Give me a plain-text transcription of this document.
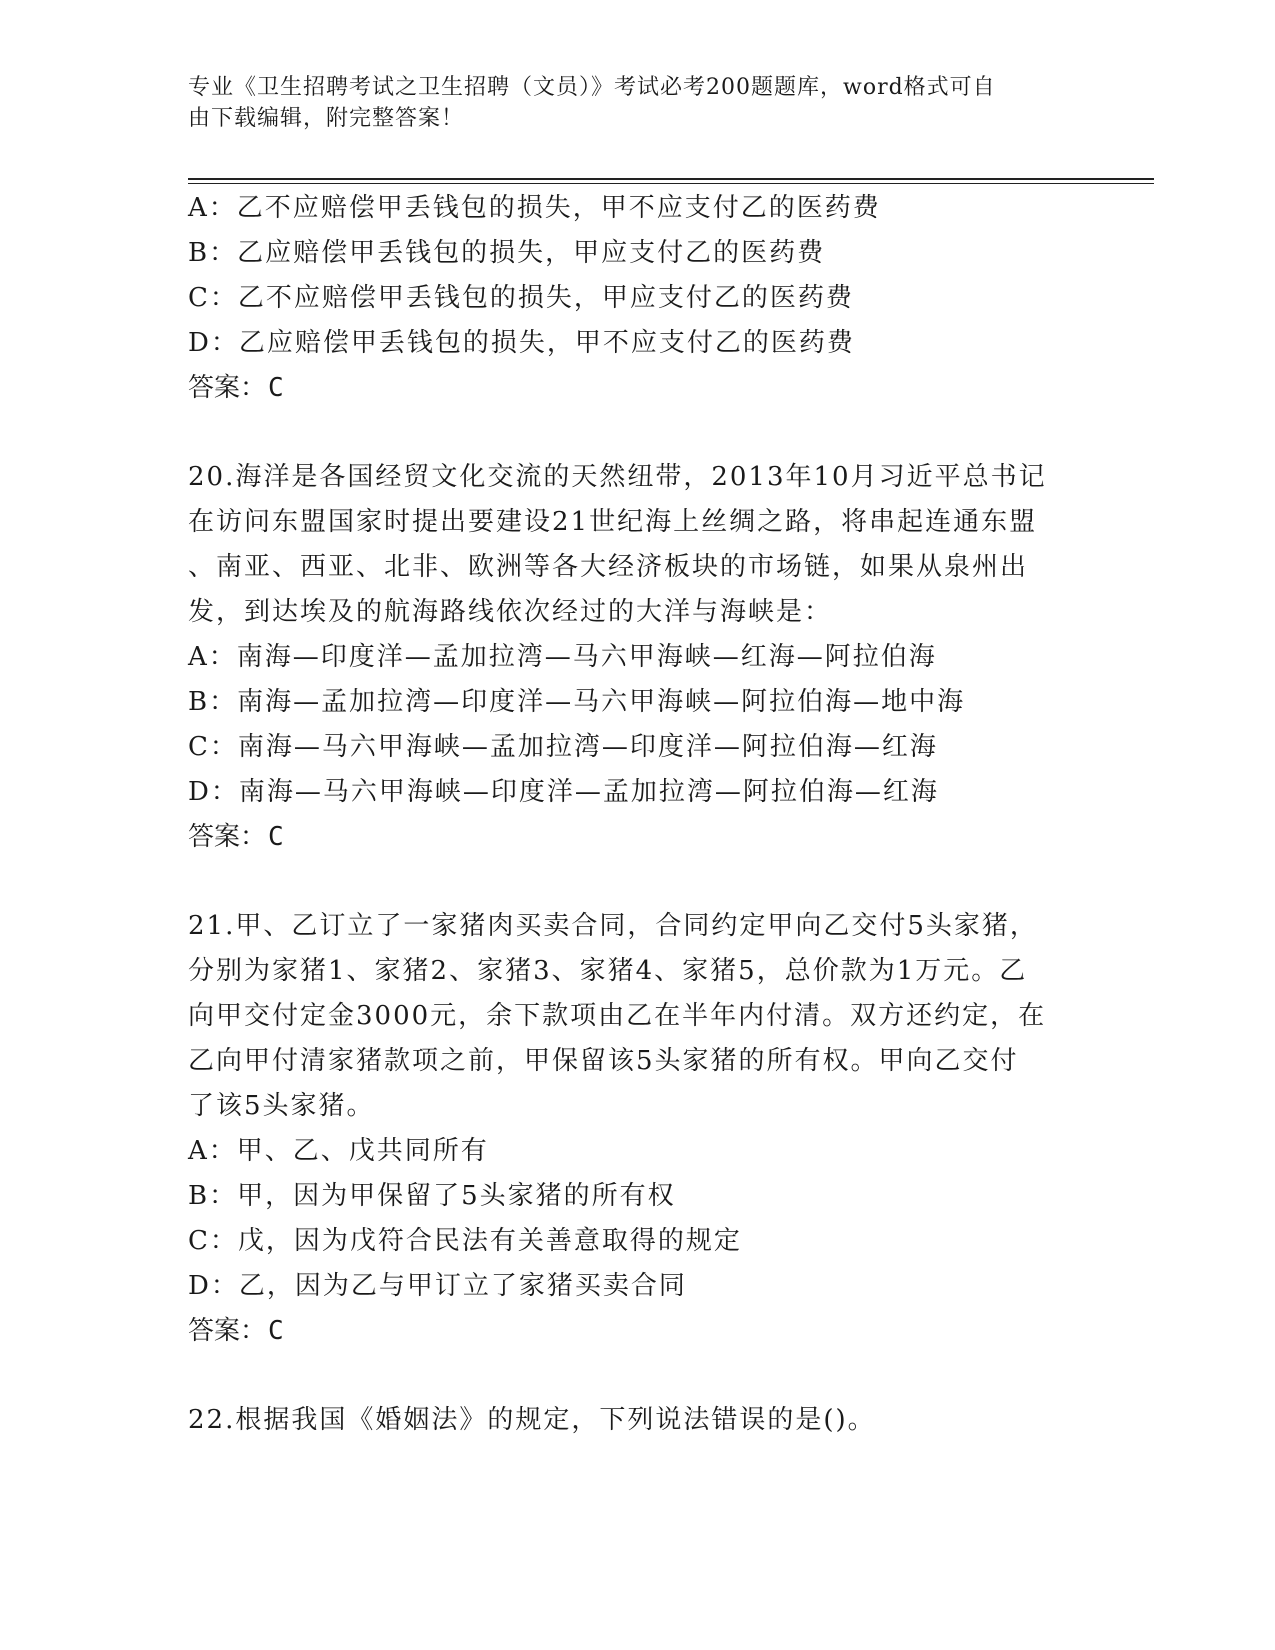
专业《卫生招聘考试之卫生招聘（文员）》考试必考200题题库，word格式可自
由下载编辑，附完整答案！

A：乙不应赔偿甲丢钱包的损失，甲不应支付乙的医药费

B：乙应赔偿甲丢钱包的损失，甲应支付乙的医药费

C：乙不应赔偿甲丢钱包的损失，甲应支付乙的医药费

D：乙应赔偿甲丢钱包的损失，甲不应支付乙的医药费

答案：C

20.海洋是各国经贸文化交流的天然纽带，2013年10月习近平总书记

在访问东盟国家时提出要建设21世纪海上丝绸之路，将串起连通东盟

、南亚、西亚、北非、欧洲等各大经济板块的市场链，如果从泉州出

发，到达埃及的航海路线依次经过的大洋与海峡是：

A：南海—印度洋—孟加拉湾—马六甲海峡—红海—阿拉伯海

B：南海—孟加拉湾—印度洋—马六甲海峡—阿拉伯海—地中海

C：南海—马六甲海峡—孟加拉湾—印度洋—阿拉伯海—红海

D：南海—马六甲海峡—印度洋—孟加拉湾—阿拉伯海—红海

答案：C

21.甲、乙订立了一家猪肉买卖合同，合同约定甲向乙交付5头家猪，

分别为家猪1、家猪2、家猪3、家猪4、家猪5，总价款为1万元。乙

向甲交付定金3000元，余下款项由乙在半年内付清。双方还约定，在

乙向甲付清家猪款项之前，甲保留该5头家猪的所有权。甲向乙交付

了该5头家猪。

A：甲、乙、戊共同所有

B：甲，因为甲保留了5头家猪的所有权

C：戊，因为戊符合民法有关善意取得的规定

D：乙，因为乙与甲订立了家猪买卖合同

答案：C

22.根据我国《婚姻法》的规定，下列说法错误的是()。
